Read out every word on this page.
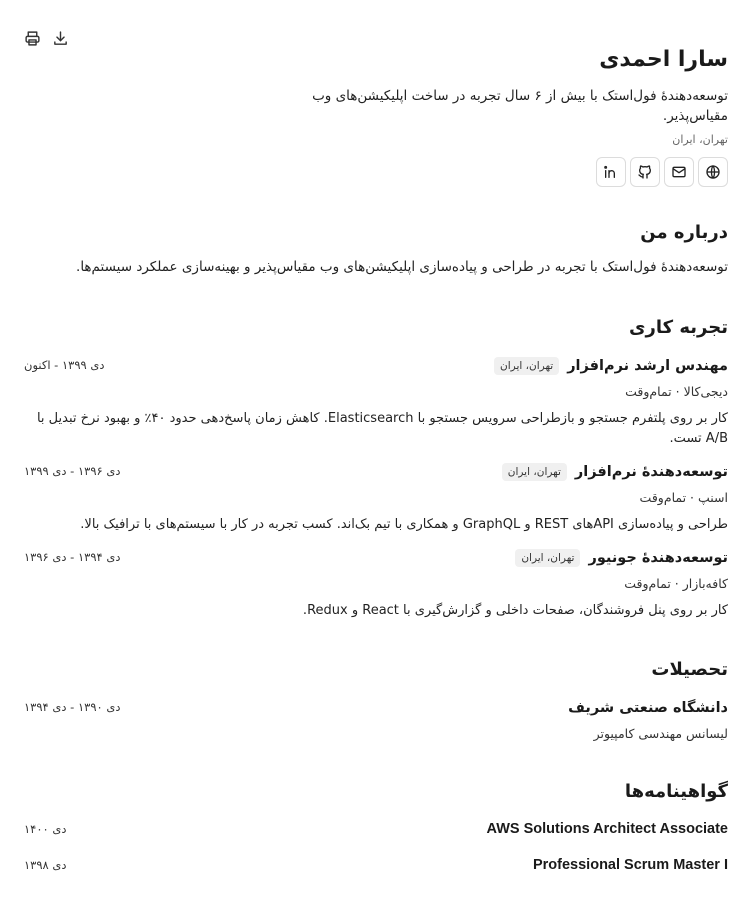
سارا احمدی
توسعه‌دهندهٔ فول‌استک با بیش از ۶ سال تجربه در ساخت اپلیکیشن‌های وب مقیاس‌پذیر.
تهران، ایران
درباره من
توسعه‌دهندهٔ فول‌استک با تجربه در طراحی و پیاده‌سازی اپلیکیشن‌های وب مقیاس‌پذیر و بهینه‌سازی عملکرد سیستم‌ها.
تجربه کاری
مهندس ارشد نرم‌افزار
تهران، ایران
دی ۱۳۹۹ - اکنون
دیجی‌کالا · تمام‌وقت
کار بر روی پلتفرم جستجو و بازطراحی سرویس جستجو با Elasticsearch. کاهش زمان پاسخ‌دهی حدود ۴۰٪ و بهبود نرخ تبدیل با A/B تست.
توسعه‌دهندهٔ نرم‌افزار
تهران، ایران
دی ۱۳۹۶ - دی ۱۳۹۹
اسنپ · تمام‌وقت
طراحی و پیاده‌سازی APIهای REST و GraphQL و همکاری با تیم بک‌اند. کسب تجربه در کار با سیستم‌های با ترافیک بالا.
توسعه‌دهندهٔ جونیور
تهران، ایران
دی ۱۳۹۴ - دی ۱۳۹۶
کافه‌بازار · تمام‌وقت
کار بر روی پنل فروشندگان، صفحات داخلی و گزارش‌گیری با React و Redux.
تحصیلات
دانشگاه صنعتی شریف
دی ۱۳۹۰ - دی ۱۳۹۴
لیسانس مهندسی کامپیوتر
گواهینامه‌ها
AWS Solutions Architect Associate
دی ۱۴۰۰
Professional Scrum Master I
دی ۱۳۹۸
